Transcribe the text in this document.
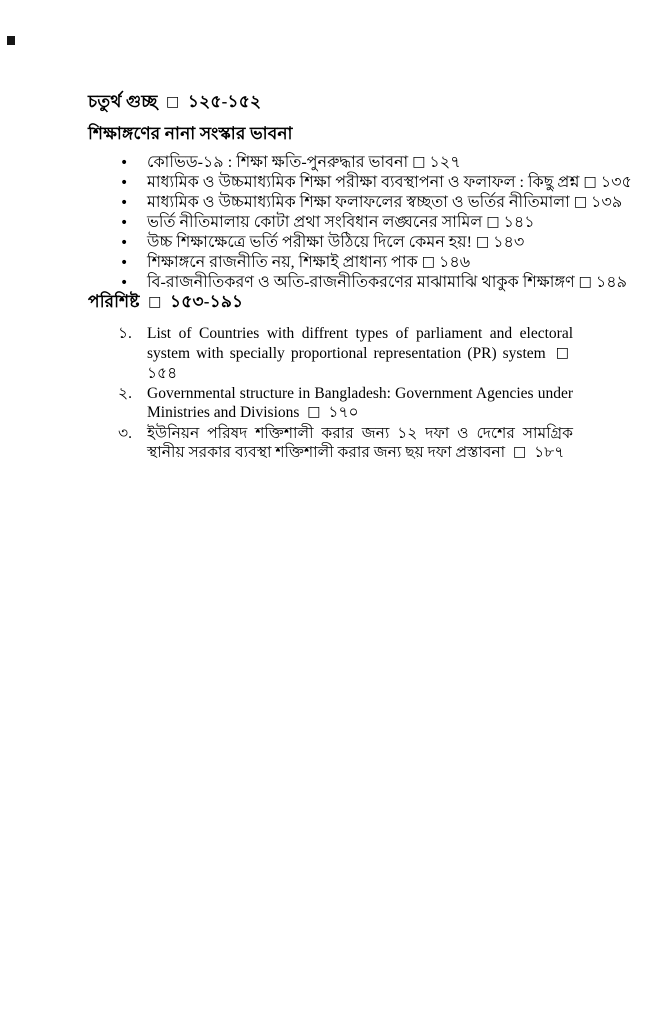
চতুর্থ গুচ্ছ □ ১২৫-১৫২
শিক্ষাঙ্গণের নানা সংস্কার ভাবনা
•	কোভিড-১৯ : শিক্ষা ক্ষতি-পুনরুদ্ধার ভাবনা □ ১২৭
•	মাধ্যমিক ও উচ্চমাধ্যমিক শিক্ষা পরীক্ষা ব্যবস্থাপনা ও ফলাফল : কিছু প্রশ্ন □ ১৩৫
•	মাধ্যমিক ও উচ্চমাধ্যমিক শিক্ষা ফলাফলের স্বচ্ছতা ও ভর্তির নীতিমালা □ ১৩৯
•	ভর্তি নীতিমালায় কোটা প্রথা সংবিধান লঙ্ঘনের সামিল □ ১৪১
•	উচ্চ শিক্ষাক্ষেত্রে ভর্তি পরীক্ষা উঠিয়ে দিলে কেমন হয়! □ ১৪৩
•	শিক্ষাঙ্গনে রাজনীতি নয়, শিক্ষাই প্রাধান্য পাক □ ১৪৬
•	বি-রাজনীতিকরণ ও অতি-রাজনীতিকরণের মাঝামাঝি থাকুক শিক্ষাঙ্গণ □ ১৪৯
পরিশিষ্ট □ ১৫৩-১৯১
১. List of Countries with diffrent types of parliament and electoral system with specially proportional representation (PR) system □ ১৫৪
২. Governmental structure in Bangladesh: Government Agencies under Ministries and Divisions □ ১৭০
৩. ইউনিয়ন পরিষদ শক্তিশালী করার জন্য ১২ দফা ও দেশের সামগ্রিক স্থানীয় সরকার ব্যবস্থা শক্তিশালী করার জন্য ছয় দফা প্রস্তাবনা □ ১৮৭
